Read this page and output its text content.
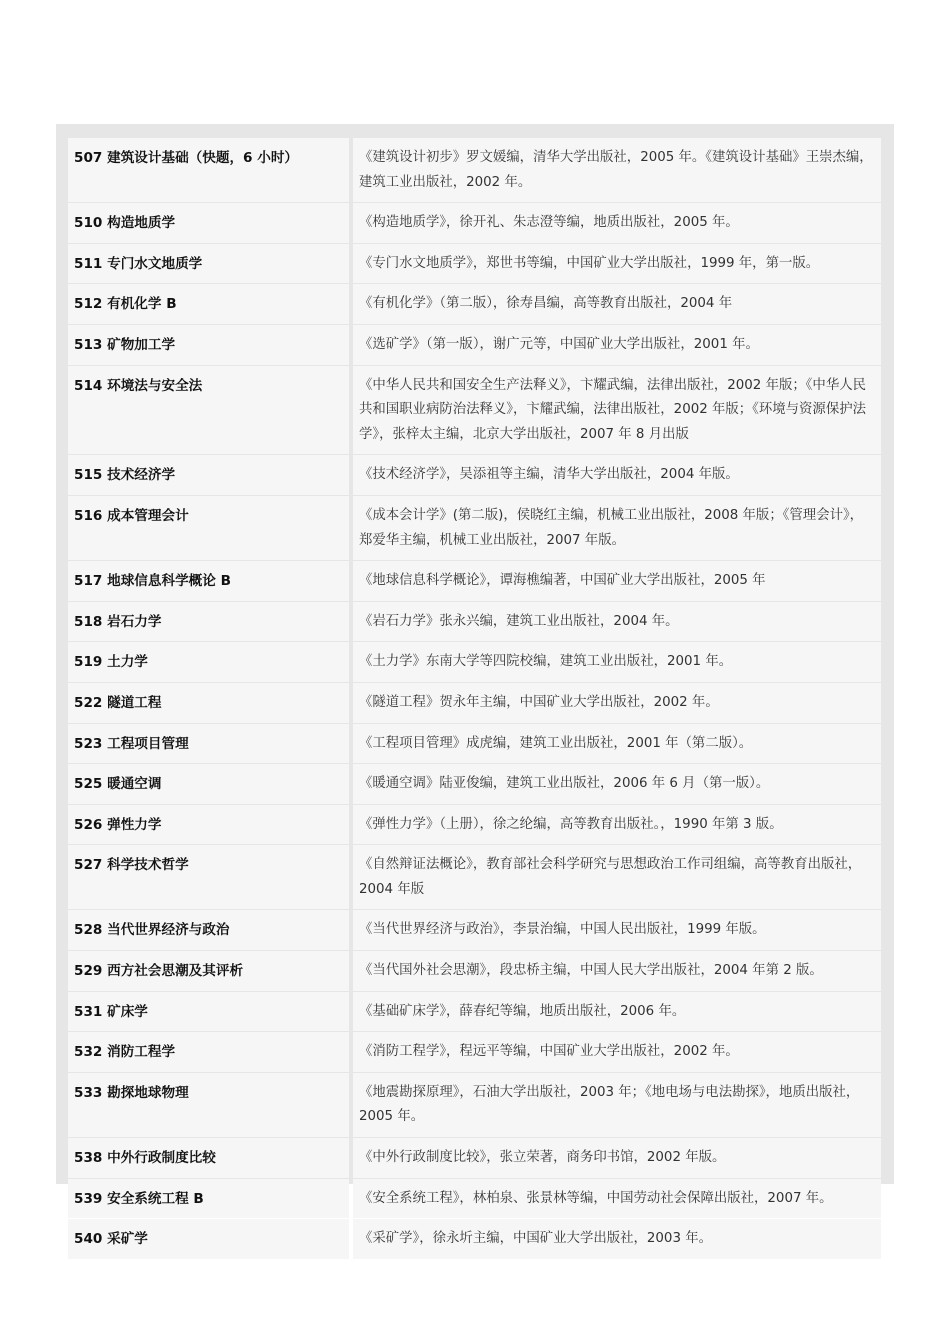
507 建筑设计基础（快题，6 小时）	《建筑设计初步》罗文媛编，清华大学出版社，2005 年。《建筑设计基础》王崇杰编，建筑工业出版社，2002 年。
510 构造地质学	《构造地质学》，徐开礼、朱志澄等编，地质出版社，2005 年。
511 专门水文地质学	《专门水文地质学》，郑世书等编，中国矿业大学出版社，1999 年，第一版。
512 有机化学 B	《有机化学》（第二版），徐寿昌编，高等教育出版社，2004 年
513 矿物加工学	《选矿学》（第一版），谢广元等，中国矿业大学出版社，2001 年。
514 环境法与安全法	《中华人民共和国安全生产法释义》，卞耀武编，法律出版社，2002 年版；《中华人民共和国职业病防治法释义》，卞耀武编，法律出版社，2002 年版；《环境与资源保护法学》，张梓太主编，北京大学出版社，2007 年 8 月出版
515 技术经济学	《技术经济学》，吴添祖等主编，清华大学出版社，2004 年版。
516 成本管理会计	《成本会计学》(第二版)，侯晓红主编，机械工业出版社，2008 年版；《管理会计》，郑爱华主编，机械工业出版社，2007 年版。
517 地球信息科学概论 B	《地球信息科学概论》，谭海樵编著，中国矿业大学出版社，2005 年
518 岩石力学	《岩石力学》张永兴编，建筑工业出版社，2004 年。
519 土力学	《土力学》东南大学等四院校编，建筑工业出版社，2001 年。
522 隧道工程	《隧道工程》贺永年主编，中国矿业大学出版社，2002 年。
523 工程项目管理	《工程项目管理》成虎编，建筑工业出版社，2001 年（第二版）。
525 暖通空调	《暖通空调》陆亚俊编，建筑工业出版社，2006 年 6 月（第一版）。
526 弹性力学	《弹性力学》（上册），徐之纶编，高等教育出版社。，1990 年第 3 版。
527 科学技术哲学	《自然辩证法概论》，教育部社会科学研究与思想政治工作司组编，高等教育出版社，2004 年版
528 当代世界经济与政治	《当代世界经济与政治》，李景治编，中国人民出版社，1999 年版。
529 西方社会思潮及其评析	《当代国外社会思潮》，段忠桥主编，中国人民大学出版社，2004 年第 2 版。
531 矿床学	《基础矿床学》，薛春纪等编，地质出版社，2006 年。
532 消防工程学	《消防工程学》，程远平等编，中国矿业大学出版社，2002 年。
533 勘探地球物理	《地震勘探原理》，石油大学出版社，2003 年；《地电场与电法勘探》，地质出版社，2005 年。
538 中外行政制度比较	《中外行政制度比较》，张立荣著，商务印书馆，2002 年版。
539 安全系统工程 B	《安全系统工程》，林柏泉、张景林等编，中国劳动社会保障出版社，2007 年。
540 采矿学	《采矿学》，徐永圻主编，中国矿业大学出版社，2003 年。
